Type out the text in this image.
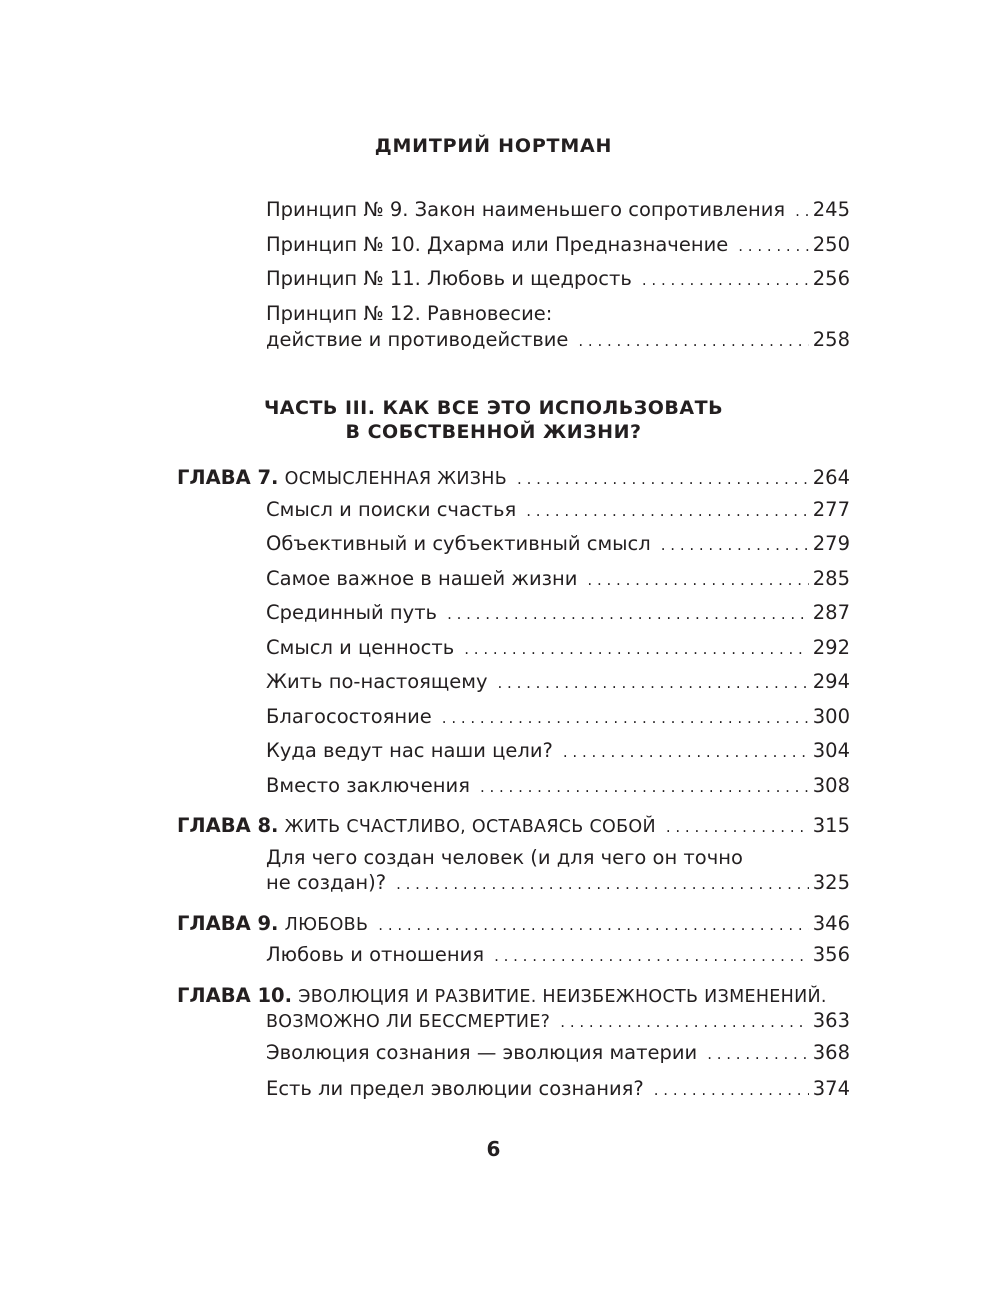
ДМИТРИЙ НОРТМАН
Принцип № 9. Закон наименьшего сопротивления . . . 245
Принцип № 10. Дхарма или Предназначение . . .	250
Принцип № 11. Любовь и щедрость . . .	256
Принцип № 12. Равновесие:
действие и противодействие . . .	258
ЧАСТЬ III. КАК ВСЕ ЭТО ИСПОЛЬЗОВАТЬ
В СОБСТВЕННОЙ ЖИЗНИ?
ГЛАВА 7. ОСМЫСЛЕННАЯ ЖИЗНЬ . . .	264
Смысл и поиски счастья . . .	277
Объективный и субъективный смысл . . .	279
Самое важное в нашей жизни . . .	285
Срединный путь . . .	287
Смысл и ценность . . .	292
Жить по-настоящему . . .	294
Благосостояние . . .	300
Куда ведут нас наши цели? . . .	304
Вместо заключения . . .	308
ГЛАВА 8. ЖИТЬ СЧАСТЛИВО, ОСТАВАЯСЬ СОБОЙ . . .	315
Для чего создан человек (и для чего он точно
не создан)? . . .	325
ГЛАВА 9. ЛЮБОВЬ . . .	346
Любовь и отношения . . .	356
ГЛАВА 10. ЭВОЛЮЦИЯ И РАЗВИТИЕ. НЕИЗБЕЖНОСТЬ ИЗМЕНЕНИЙ.
ВОЗМОЖНО ЛИ БЕССМЕРТИЕ? . . .	363
Эволюция сознания — эволюция материи . . .	368
Есть ли предел эволюции сознания? . . .	374
6
